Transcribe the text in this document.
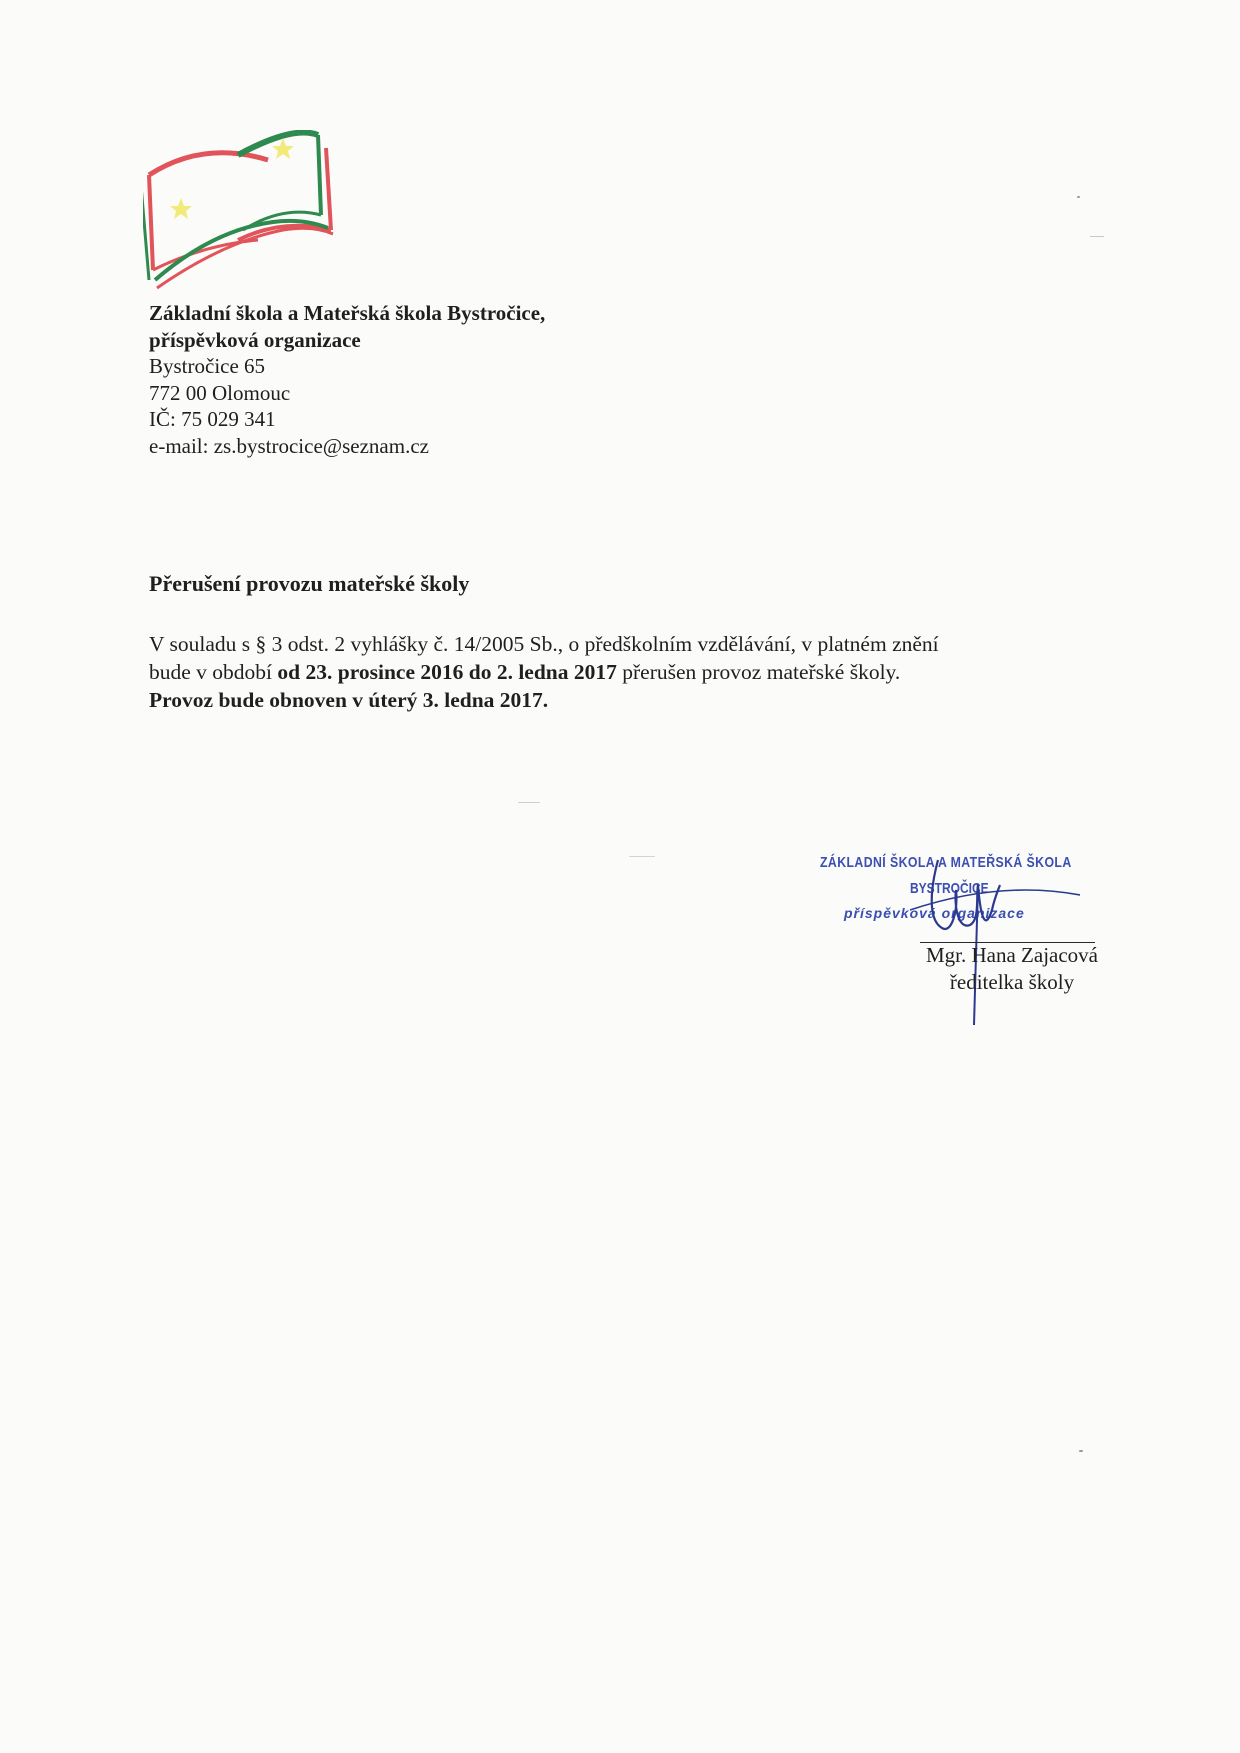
Základní škola a Mateřská škola Bystročice,
příspěvková organizace
Bystročice 65
772 00 Olomouc
IČ: 75 029 341
e-mail: zs.bystrocice@seznam.cz
Přerušení provozu mateřské školy
V souladu s § 3 odst. 2 vyhlášky č. 14/2005 Sb., o předškolním vzdělávání, v platném znění
bude v období od 23. prosince 2016 do 2. ledna 2017 přerušen provoz mateřské školy.
Provoz bude obnoven v úterý 3. ledna 2017.
ZÁKLADNÍ ŠKOLA A MATEŘSKÁ ŠKOLA
BYSTROČICE
příspěvková organizace
Mgr. Hana Zajacová
ředitelka školy
